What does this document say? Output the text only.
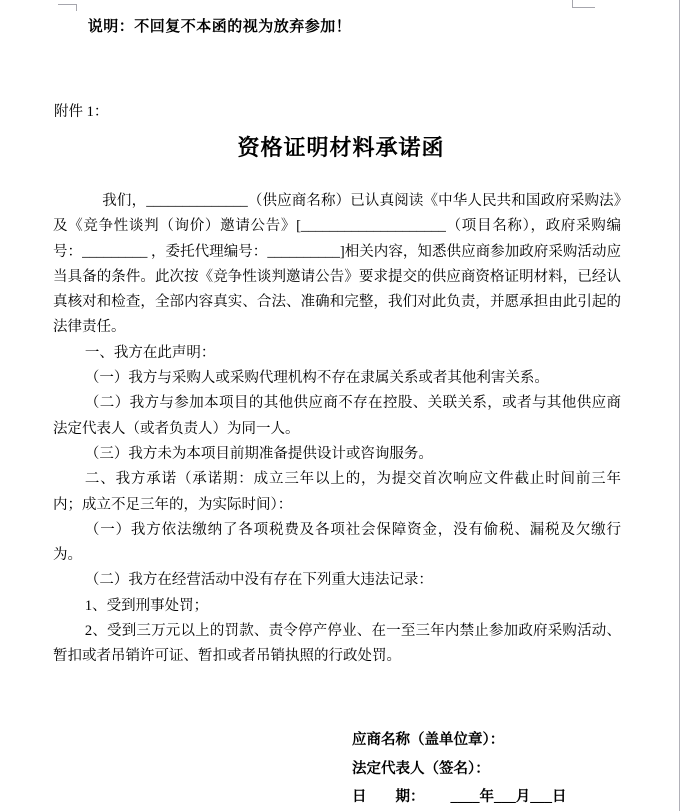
说明：不回复不本函的视为放弃参加！
附件 1：
资格证明材料承诺函

我们，______________（供应商名称）已认真阅读《中华人民共和国政府采购法》及《竞争性谈判（询价）邀请公告》[____________________（项目名称），政府采购编号：_________ ，委托代理编号：__________]相关内容，知悉供应商参加政府采购活动应当具备的条件。此次按《竞争性谈判邀请公告》要求提交的供应商资格证明材料，已经认真核对和检查，全部内容真实、合法、准确和完整，我们对此负责，并愿承担由此引起的法律责任。

一、我方在此声明：

（一）我方与采购人或采购代理机构不存在隶属关系或者其他利害关系。

（二）我方与参加本项目的其他供应商不存在控股、关联关系，或者与其他供应商法定代表人（或者负责人）为同一人。

（三）我方未为本项目前期准备提供设计或咨询服务。

二、我方承诺（承诺期：成立三年以上的，为提交首次响应文件截止时间前三年内；成立不足三年的，为实际时间）：

（一）我方依法缴纳了各项税费及各项社会保障资金，没有偷税、漏税及欠缴行为。

（二）我方在经营活动中没有存在下列重大违法记录：

1、受到刑事处罚；

2、受到三万元以上的罚款、责令停产停业、在一至三年内禁止参加政府采购活动、暂扣或者吊销许可证、暂扣或者吊销执照的行政处罚。

应商名称（盖单位章）：
法定代表人（签名）：
日　　期： ____年___月___日
